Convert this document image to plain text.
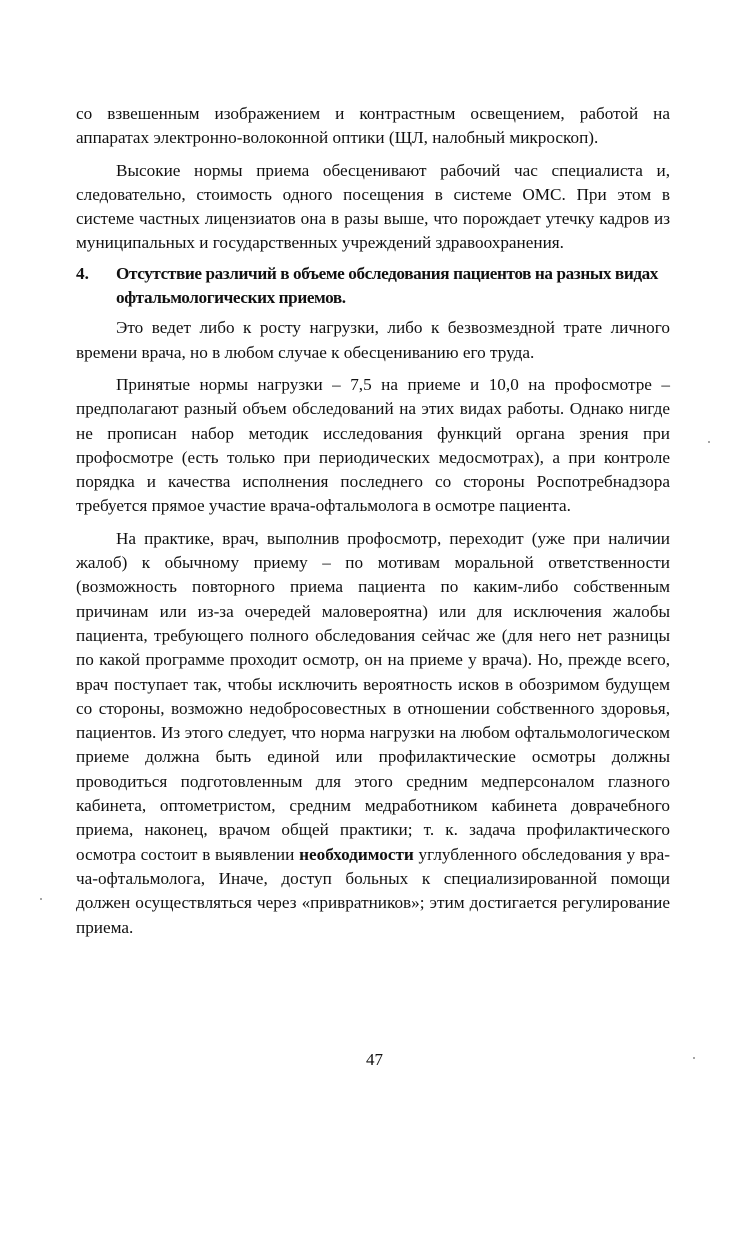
со взвешенным изображением и контрастным освещением, работой на аппаратах электронно-волоконной оптики (ЩЛ, налобный микроскоп).

Высокие нормы приема обесценивают рабочий час специалиста и, следовательно, стоимость одного посещения в системе ОМС. При этом в системе частных лицензиатов она в разы выше, что порождает утечку кадров из муниципальных и государственных учреждений здравоохранения.

4.	Отсутствие различий в объеме обследования пациентов на разных видах офтальмологических приемов.

Это ведет либо к росту нагрузки, либо к безвозмездной трате личного времени врача, но в любом случае к обесцениванию его труда.

Принятые нормы нагрузки – 7,5 на приеме и 10,0 на профосмотре – предполагают разный объем обследований на этих видах работы. Однако нигде не прописан набор методик исследования функций органа зрения при профосмотре (есть только при периодических медосмотрах), а при контроле порядка и качества исполнения последнего со стороны Роспотребнадзора требуется прямое участие врача-офтальмолога в осмотре пациента.

На практике, врач, выполнив профосмотр, переходит (уже при наличии жалоб) к обычному приему – по мотивам моральной ответственности (возможность повторного приема пациента по каким-либо собственным причинам или из-за очередей маловероятна) или для исключения жалобы пациента, требующего полного обследования сейчас же (для него нет разницы по какой программе проходит осмотр, он на приеме у врача). Но, прежде всего, врач поступает так, чтобы исключить вероятность исков в обозримом будущем со стороны, возможно недобросовестных в отношении собственного здоровья, пациентов. Из этого следует, что норма нагрузки на любом офтальмологическом приеме должна быть единой или профилактические осмотры должны проводиться подготовленным для этого средним медперсоналом глазного кабинета, оптометристом, средним медработником кабинета доврачебного приема, наконец, врачом общей практики; т. к. задача профилактического осмотра состоит в выявлении необходимости углубленного обследования у врача-офтальмолога, Иначе, доступ больных к специализированной помощи должен осуществляться через «привратников»; этим достигается регулирование приема.

47
